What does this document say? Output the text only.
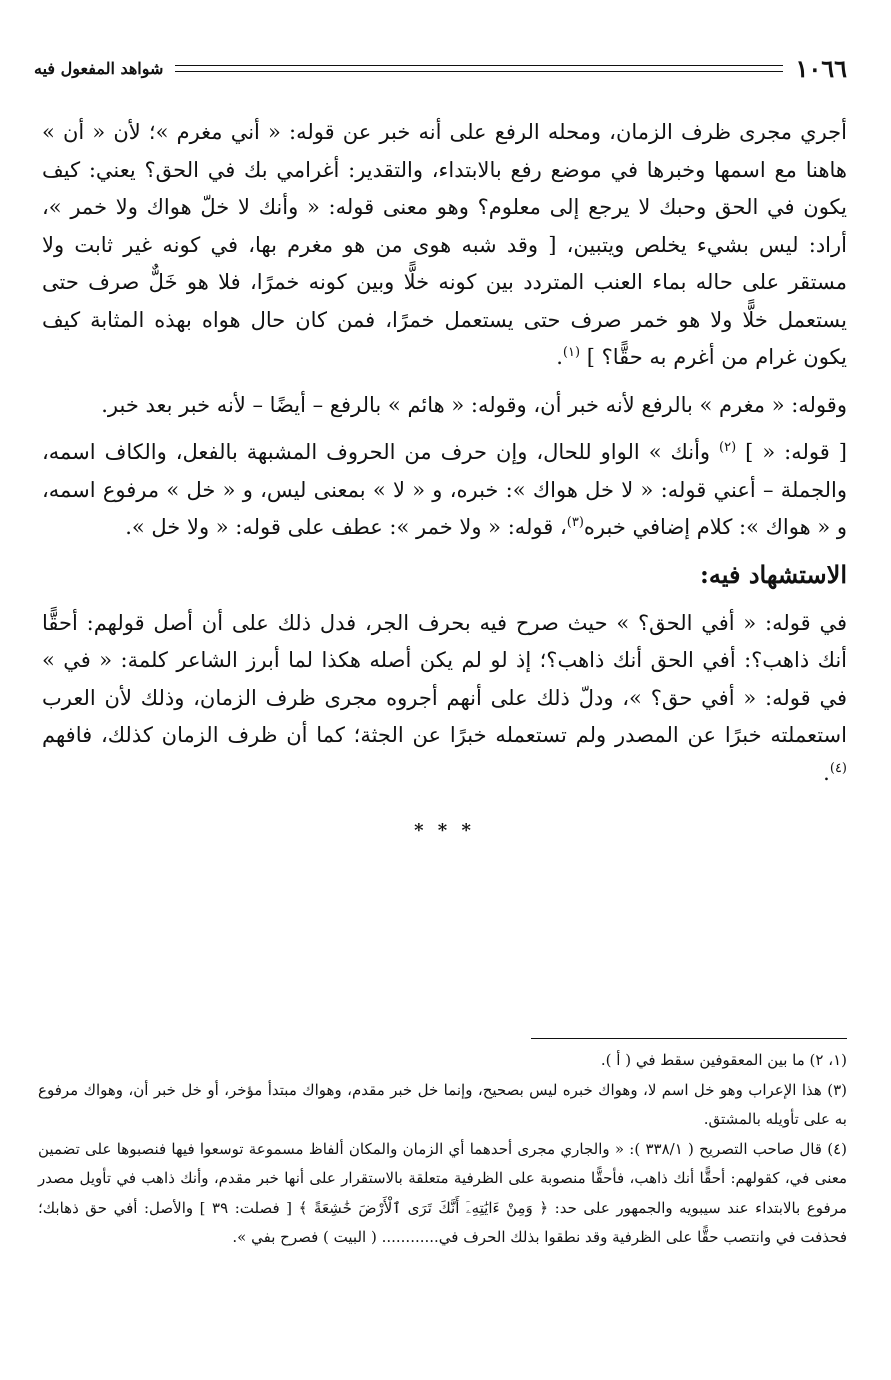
١٠٦٦
شواهد المفعول فيه

أجري مجرى ظرف الزمان، ومحله الرفع على أنه خبر عن قوله: « أني مغرم »؛ لأن « أن » هاهنا مع اسمها وخبرها في موضع رفع بالابتداء، والتقدير: أغرامي بك في الحق؟ يعني: كيف يكون في الحق وحبك لا يرجع إلى معلوم؟ وهو معنى قوله: « وأنك لا خلّ هواك ولا خمر »، أراد: ليس بشيء يخلص ويتبين، [ وقد شبه هوى من هو مغرم بها، في كونه غير ثابت ولا مستقر على حاله بماء العنب المتردد بين كونه خلًّا وبين كونه خمرًا، فلا هو خَلٌّ صرف حتى يستعمل خلًّا ولا هو خمر صرف حتى يستعمل خمرًا، فمن كان حال هواه بهذه المثابة كيف يكون غرام من أغرم به حقًّا؟ ] $^{(١)}$.

وقوله: « مغرم » بالرفع لأنه خبر أن، وقوله: « هائم » بالرفع – أيضًا – لأنه خبر بعد خبر.

[ قوله: « ] $^{(٢)}$ وأنك » الواو للحال، وإن حرف من الحروف المشبهة بالفعل، والكاف اسمه، والجملة – أعني قوله: « لا خل هواك »: خبره، و « لا » بمعنى ليس، و « خل » مرفوع اسمه، و « هواك »: كلام إضافي خبره$^{(٣)}$، قوله: « ولا خمر »: عطف على قوله: « ولا خل ».

الاستشهاد فيه:

في قوله: « أفي الحق؟ » حيث صرح فيه بحرف الجر، فدل ذلك على أن أصل قولهم: أحقًّا أنك ذاهب؟: أفي الحق أنك ذاهب؟؛ إذ لو لم يكن أصله هكذا لما أبرز الشاعر كلمة: « في » في قوله: « أفي حق؟ »، ودلّ ذلك على أنهم أجروه مجرى ظرف الزمان، وذلك لأن العرب استعملته خبرًا عن المصدر ولم تستعمله خبرًا عن الجثة؛ كما أن ظرف الزمان كذلك، فافهم $^{(٤)}$.

* * *

(١، ٢) ما بين المعقوفين سقط في ( أ ).

(٣) هذا الإعراب وهو خل اسم لا، وهواك خبره ليس بصحيح، وإنما خل خبر مقدم، وهواك مبتدأ مؤخر، أو خل خبر أن، وهواك مرفوع به على تأويله بالمشتق.

(٤) قال صاحب التصريح ( ٣٣٨/١ ): « والجاري مجرى أحدهما أي الزمان والمكان ألفاظ مسموعة توسعوا فيها فنصبوها على تضمين معنى في، كقولهم: أحقًّا أنك ذاهب، فأحقًّا منصوبة على الظرفية متعلقة بالاستقرار على أنها خبر مقدم، وأنك ذاهب في تأويل مصدر مرفوع بالابتداء عند سيبويه والجمهور على حد: ﴿ وَمِنْ ءَايَٰتِهِۦٓ أَنَّكَ تَرَى ٱلْأَرْضَ خَٰشِعَةً ﴾ [ فصلت: ٣٩ ] والأصل: أفي حق ذهابك؛ فحذفت في وانتصب حقًّا على الظرفية وقد نطقوا بذلك الحرف في............ ( البيت ) فصرح بفي ».
